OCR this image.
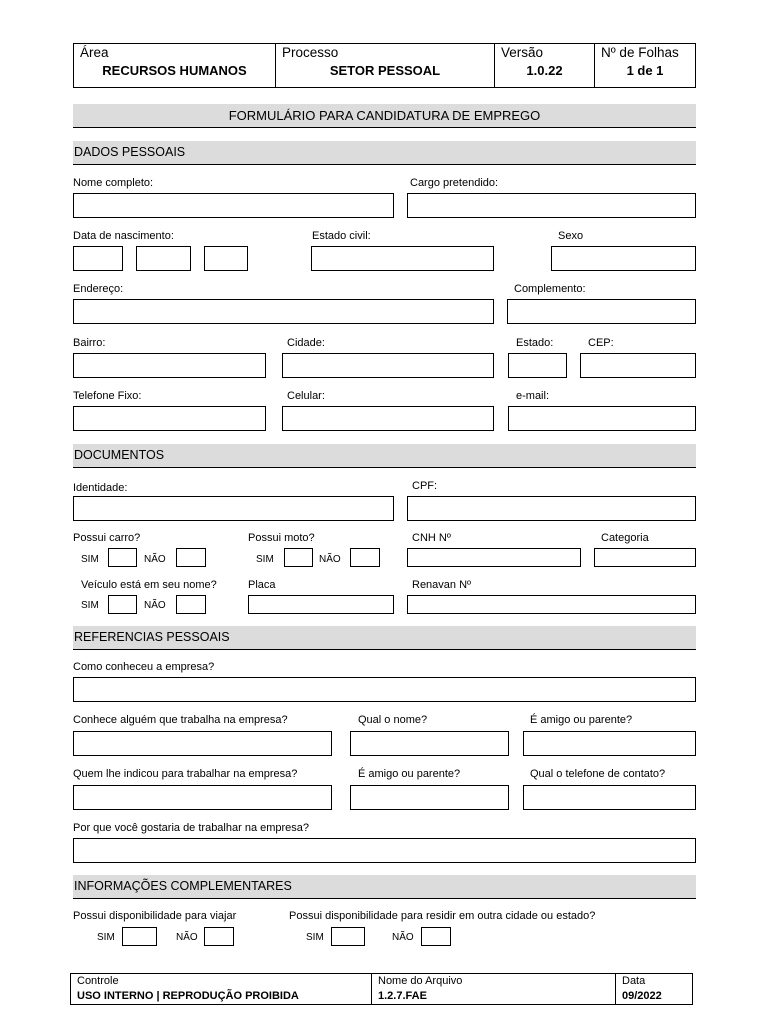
Área
RECURSOS HUMANOS
Processo
SETOR PESSOAL
Versão
1.0.22
Nº de Folhas
1 de 1
FORMULÁRIO PARA CANDIDATURA DE EMPREGO
DADOS PESSOAIS
Nome completo:	Cargo pretendido:
Data de nascimento:	Estado civil:	Sexo
Endereço:	Complemento:
Bairro:	Cidade:	Estado:	CEP:
Telefone Fixo:	Celular:	e-mail:
DOCUMENTOS
Identidade:	CPF:
Possui carro?	Possui moto?	CNH Nº	Categoria
SIM	NÃO	SIM	NÃO
Veículo está em seu nome?	Placa	Renavan Nº
SIM	NÃO
REFERENCIAS PESSOAIS
Como conheceu a empresa?
Conhece alguém que trabalha na empresa?	Qual o nome?	É amigo ou parente?
Quem lhe indicou para trabalhar na empresa?	É amigo ou parente?	Qual o telefone de contato?
Por que você gostaria de trabalhar na empresa?
INFORMAÇÕES COMPLEMENTARES
Possui disponibilidade para viajar	Possui disponibilidade para residir em outra cidade ou estado?
SIM	NÃO	SIM	NÃO
Controle
USO INTERNO | REPRODUÇÃO PROIBIDA
Nome do Arquivo
1.2.7.FAE
Data
09/2022
